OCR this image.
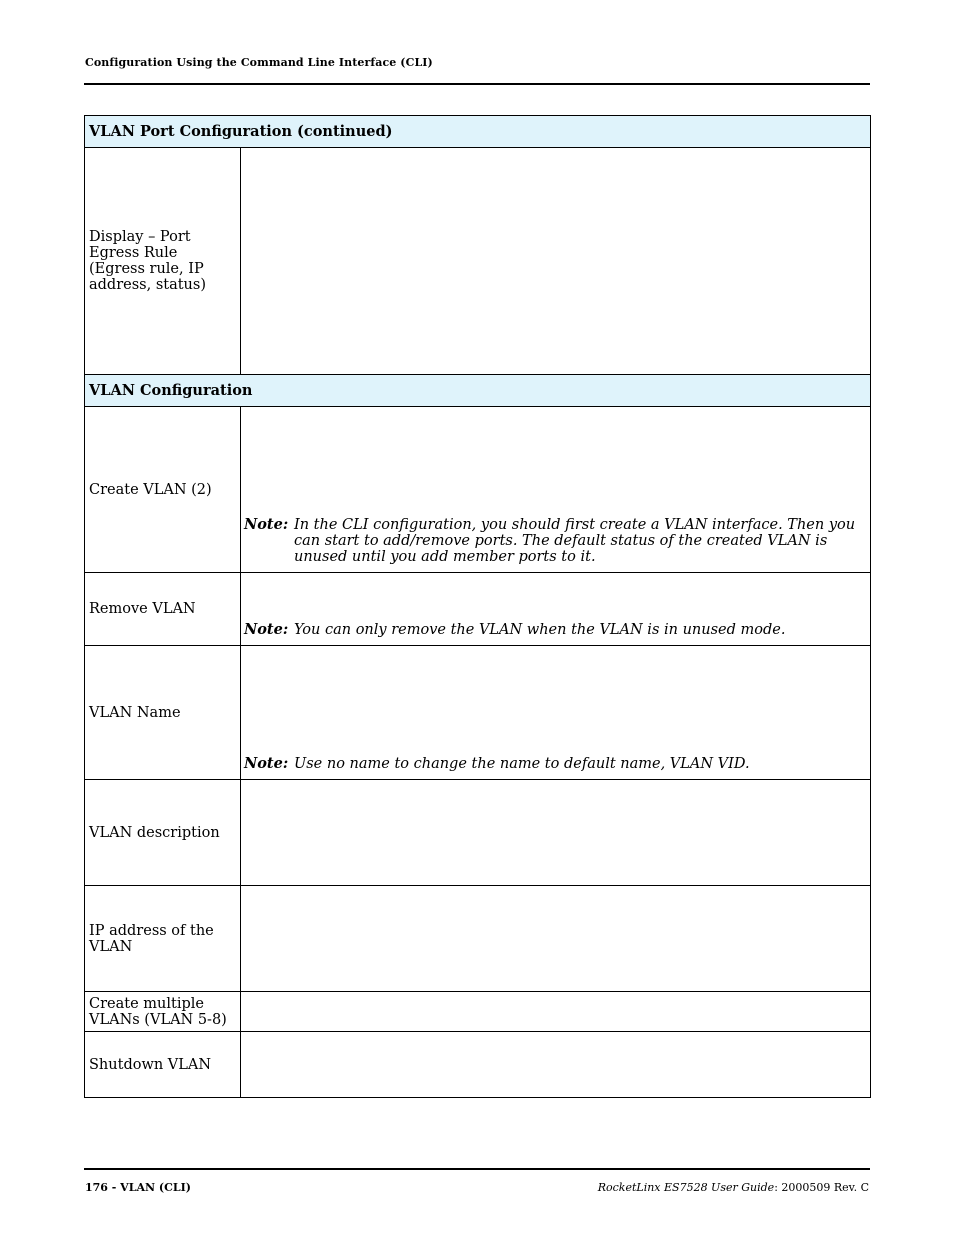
Configuration Using the Command Line Interface (CLI)
VLAN Port Configuration (continued)	
Display – Port Egress Rule (Egress rule, IP address, status)	
VLAN Configuration	
Create VLAN (2)	Note: In the CLI configuration, you should first create a VLAN interface. Then you can start to add/remove ports. The default status of the created VLAN is unused until you add member ports to it.

Remove VLAN	Note: You can only remove the VLAN when the VLAN is in unused mode.

VLAN Name	Note: Use no name to change the name to default name, VLAN VID.

VLAN description	
IP address of the VLAN	
Create multiple VLANs (VLAN 5-8)	
Shutdown VLAN	
176 - VLAN (CLI)	RocketLinx ES7528 User Guide: 2000509 Rev. C
